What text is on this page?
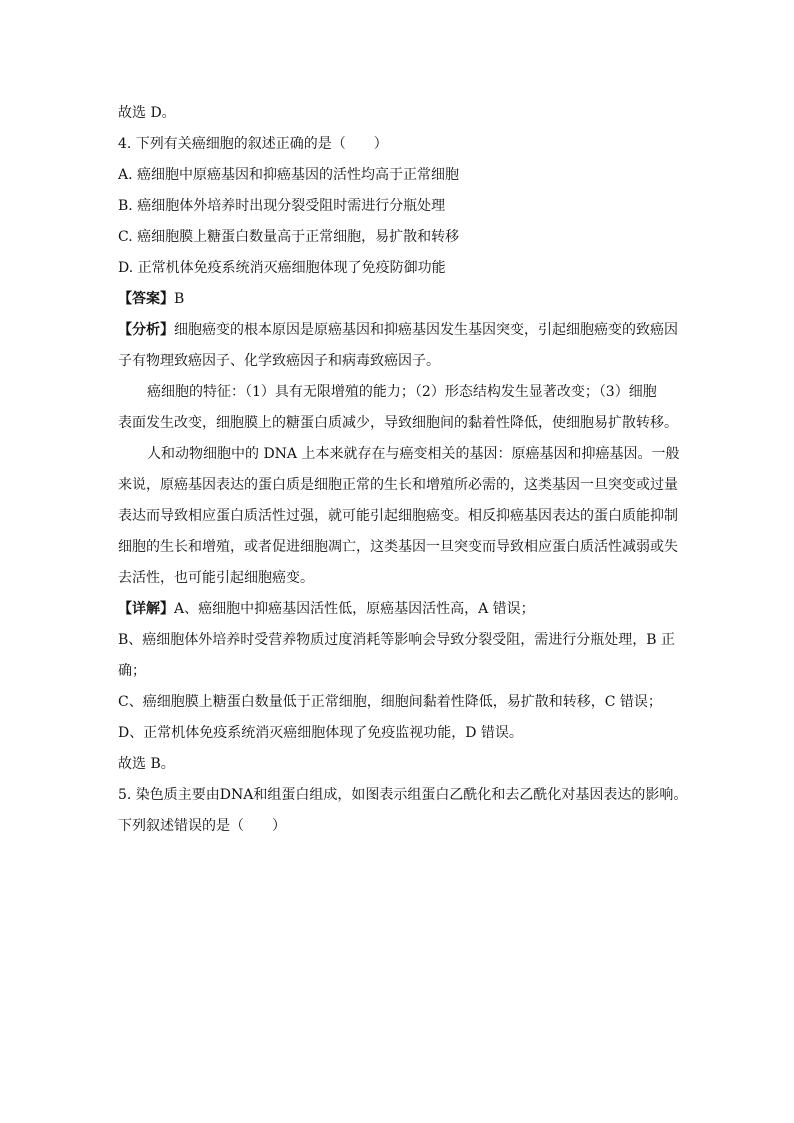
故选 D。
4. 下列有关癌细胞的叙述正确的是（　　）
A. 癌细胞中原癌基因和抑癌基因的活性均高于正常细胞
B. 癌细胞体外培养时出现分裂受阻时需进行分瓶处理
C. 癌细胞膜上糖蛋白数量高于正常细胞，易扩散和转移
D. 正常机体免疫系统消灭癌细胞体现了免疫防御功能
【答案】B
【分析】细胞癌变的根本原因是原癌基因和抑癌基因发生基因突变，引起细胞癌变的致癌因
子有物理致癌因子、化学致癌因子和病毒致癌因子。
癌细胞的特征：（1）具有无限增殖的能力；（2）形态结构发生显著改变；（3）细胞
表面发生改变，细胞膜上的糖蛋白质减少，导致细胞间的黏着性降低，使细胞易扩散转移。
人和动物细胞中的 DNA 上本来就存在与癌变相关的基因：原癌基因和抑癌基因。一般
来说，原癌基因表达的蛋白质是细胞正常的生长和增殖所必需的，这类基因一旦突变或过量
表达而导致相应蛋白质活性过强，就可能引起细胞癌变。相反抑癌基因表达的蛋白质能抑制
细胞的生长和增殖，或者促进细胞凋亡，这类基因一旦突变而导致相应蛋白质活性减弱或失
去活性，也可能引起细胞癌变。
【详解】A、癌细胞中抑癌基因活性低，原癌基因活性高，A 错误；
B、癌细胞体外培养时受营养物质过度消耗等影响会导致分裂受阻，需进行分瓶处理，B 正
确；
C、癌细胞膜上糖蛋白数量低于正常细胞，细胞间黏着性降低，易扩散和转移，C 错误；
D、正常机体免疫系统消灭癌细胞体现了免疫监视功能，D 错误。
故选 B。
5. 染色质主要由DNA和组蛋白组成，如图表示组蛋白乙酰化和去乙酰化对基因表达的影响。
下列叙述错误的是（　　）
